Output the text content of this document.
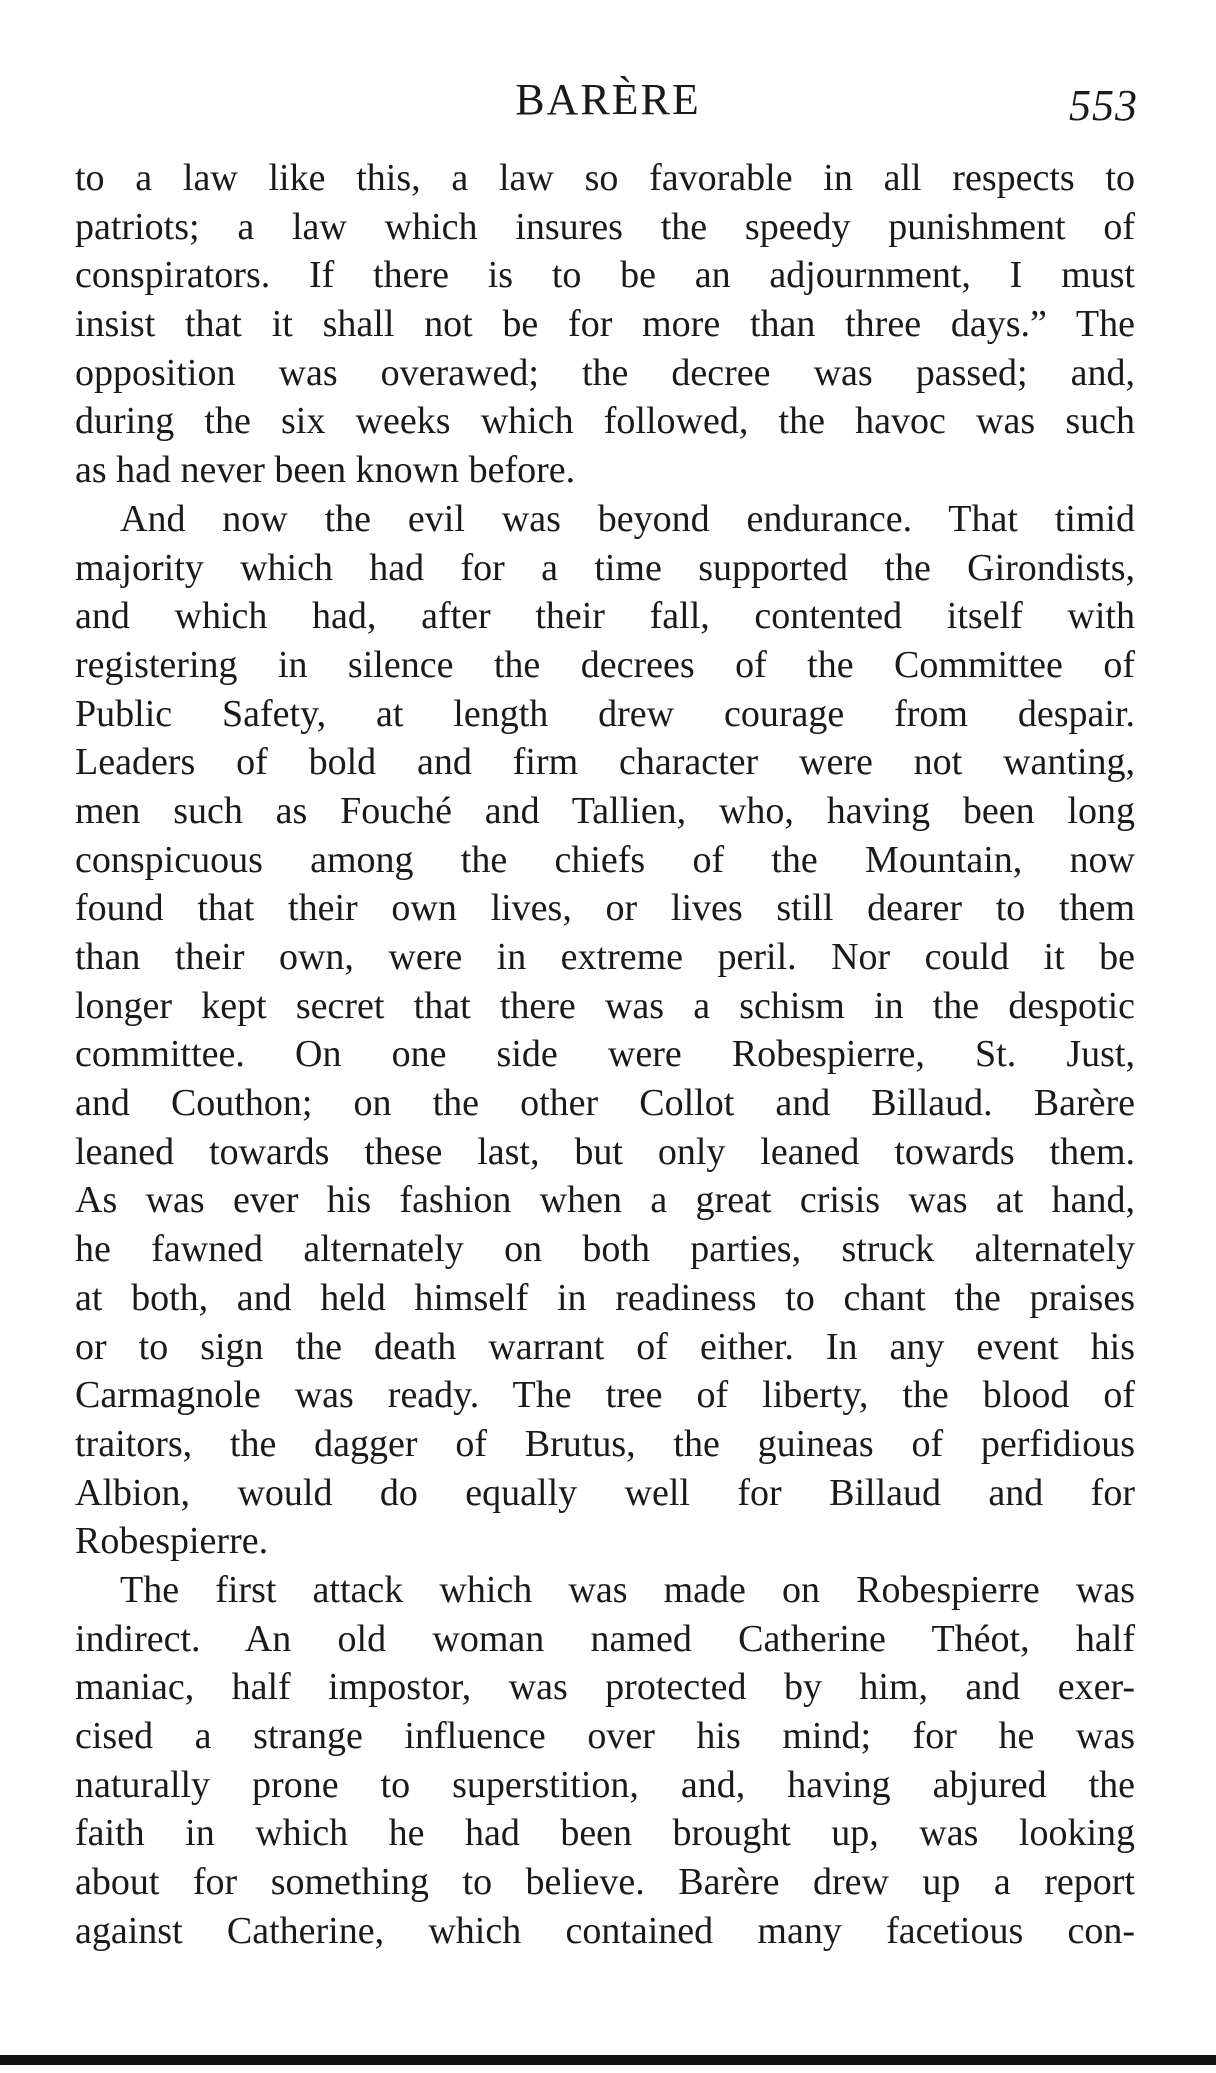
BARÈRE	553
to a law like this, a law so favorable in all respects to
patriots; a law which insures the speedy punishment of
conspirators. If there is to be an adjournment, I must
insist that it shall not be for more than three days.” The
opposition was overawed; the decree was passed; and,
during the six weeks which followed, the havoc was such
as had never been known before.
And now the evil was beyond endurance. That timid
majority which had for a time supported the Girondists,
and which had, after their fall, contented itself with
registering in silence the decrees of the Committee of
Public Safety, at length drew courage from despair.
Leaders of bold and firm character were not wanting,
men such as Fouché and Tallien, who, having been long
conspicuous among the chiefs of the Mountain, now
found that their own lives, or lives still dearer to them
than their own, were in extreme peril. Nor could it be
longer kept secret that there was a schism in the despotic
committee. On one side were Robespierre, St. Just,
and Couthon; on the other Collot and Billaud. Barère
leaned towards these last, but only leaned towards them.
As was ever his fashion when a great crisis was at hand,
he fawned alternately on both parties, struck alternately
at both, and held himself in readiness to chant the praises
or to sign the death warrant of either. In any event his
Carmagnole was ready. The tree of liberty, the blood of
traitors, the dagger of Brutus, the guineas of perfidious
Albion, would do equally well for Billaud and for
Robespierre.
The first attack which was made on Robespierre was
indirect. An old woman named Catherine Théot, half
maniac, half impostor, was protected by him, and exer-
cised a strange influence over his mind; for he was
naturally prone to superstition, and, having abjured the
faith in which he had been brought up, was looking
about for something to believe. Barère drew up a report
against Catherine, which contained many facetious con-
